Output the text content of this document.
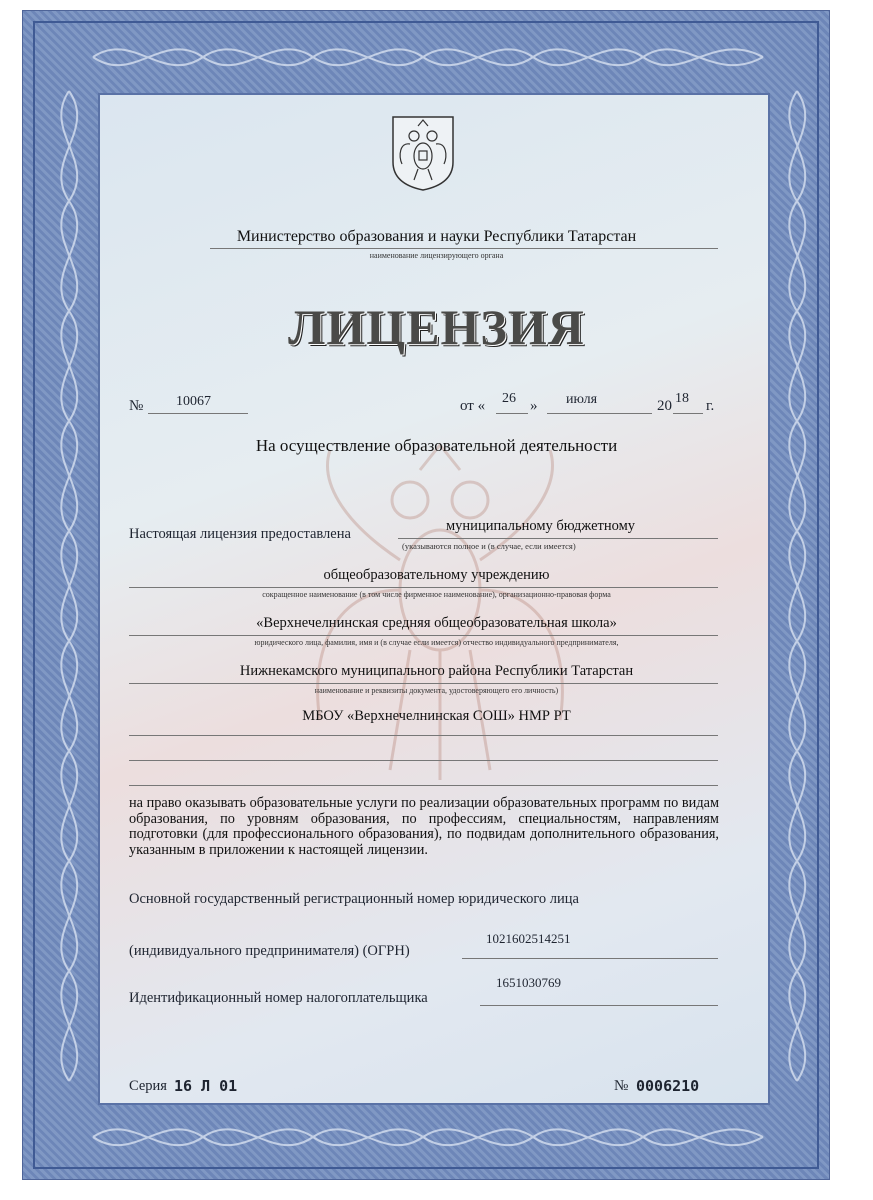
Министерство образования и науки Республики Татарстан
наименование лицензирующего органа
ЛИЦЕНЗИЯ
№ 10067	от « 26 » июля	20 18 г.
На осуществление образовательной деятельности
Настоящая лицензия предоставлена	муниципальному бюджетному
(указываются полное и (в случае, если имеется)
общеобразовательному учреждению
сокращенное наименование (в том числе фирменное наименование), организационно-правовая форма
«Верхнечелнинская средняя общеобразовательная школа»
юридического лица, фамилия, имя и (в случае если имеется) отчество индивидуального предпринимателя,
Нижнекамского муниципального района Республики Татарстан
наименование и реквизиты документа, удостоверяющего его личность)
МБОУ «Верхнечелнинская СОШ» НМР РТ
на право оказывать образовательные услуги по реализации образовательных программ по видам образования, по уровням образования, по профессиям, специальностям, направлениям подготовки (для профессионального образования), по подвидам дополнительного образования, указанным в приложении к настоящей лицензии.
Основной государственный регистрационный номер юридического лица
(индивидуального предпринимателя) (ОГРН)
1021602514251
Идентификационный номер налогоплательщика
1651030769
Серия 16 Л 01	№ 0006210
